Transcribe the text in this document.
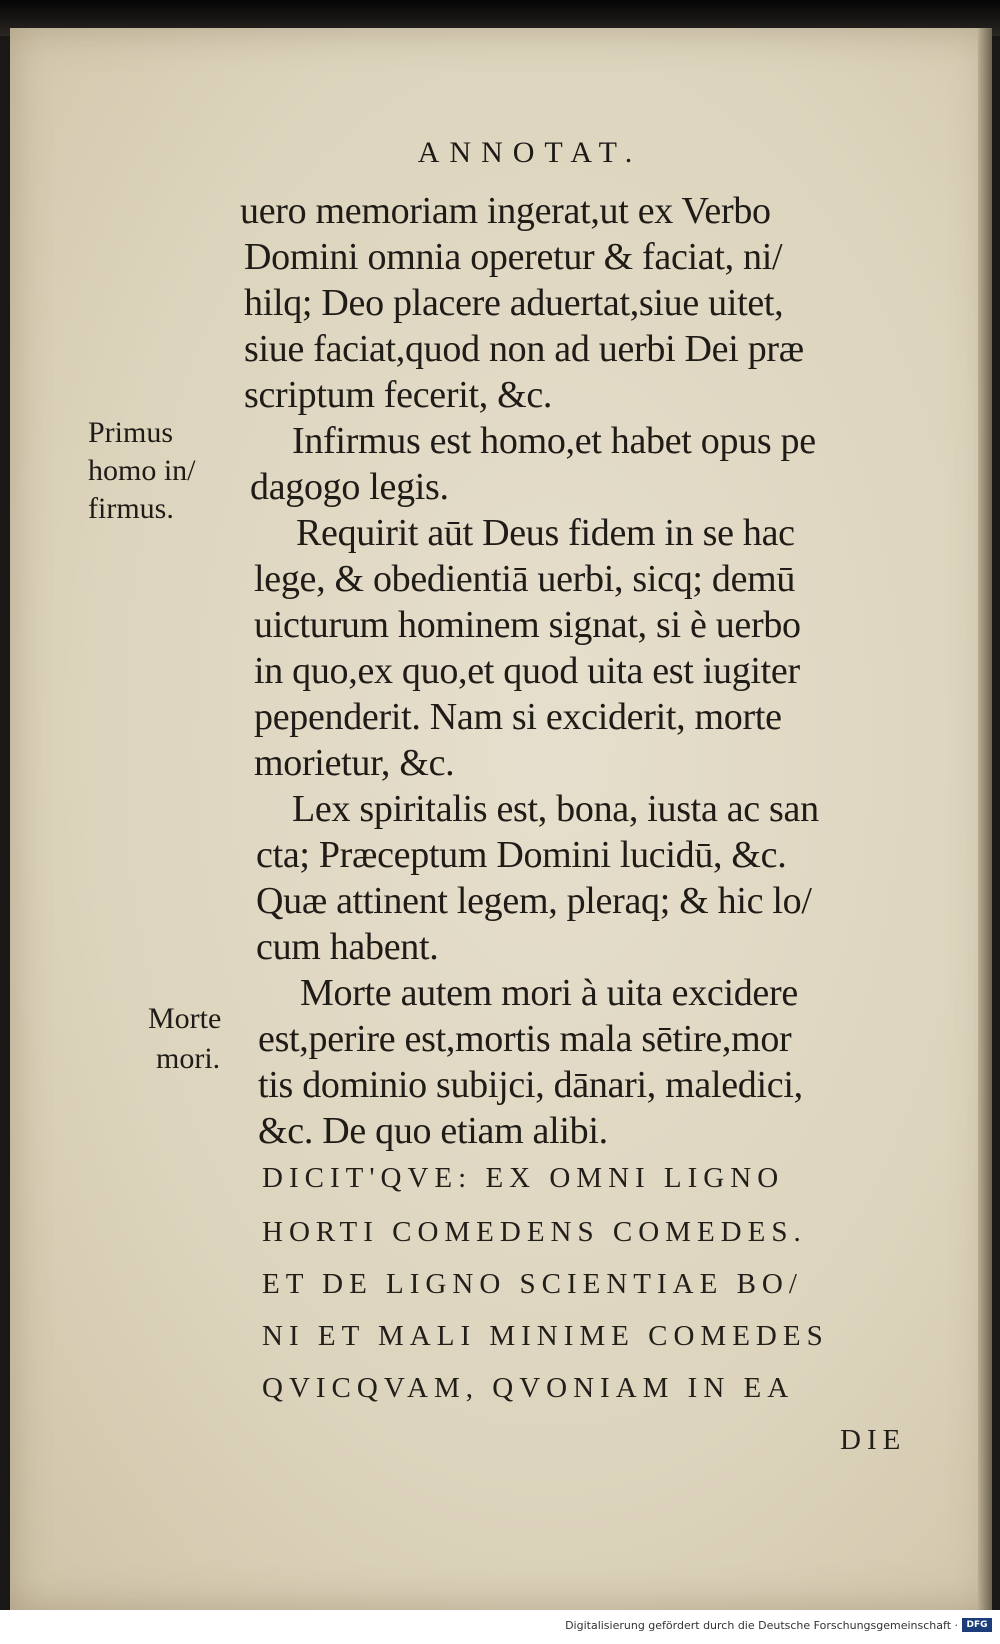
ANNOTAT.

uero memoriam ingerat,ut ex Verbo

Domini omnia operetur & faciat, ni/

hilq; Deo placere aduertat,siue uitet,

siue faciat,quod non ad uerbi Dei præ

scriptum fecerit, &c.

Infirmus est homo,et habet opus pe

dagogo legis.

Requirit aūt Deus fidem in se hac

lege, & obedientiā uerbi, sicq; demū

uicturum hominem signat, si è uerbo

in quo,ex quo,et quod uita est iugiter

pependerit. Nam si exciderit, morte

morietur, &c.

Lex spiritalis est, bona, iusta ac san

cta; Præceptum Domini lucidū, &c.

Quæ attinent legem, pleraq; & hic lo/

cum habent.

Morte autem mori à uita excidere

est,perire est,mortis mala sētire,mor

tis dominio subijci, dānari, maledici,

&c. De quo etiam alibi.

DICIT'QVE: EX OMNI LIGNO

HORTI COMEDENS COMEDES.

ET DE LIGNO SCIENTIAE BO/

NI ET MALI MINIME COMEDES

QVICQVAM, QVONIAM IN EA

DIE

Primus

homo in/

firmus.

Morte

mori.

Digitalisierung gefördert durch die Deutsche Forschungsgemeinschaft · DFG
